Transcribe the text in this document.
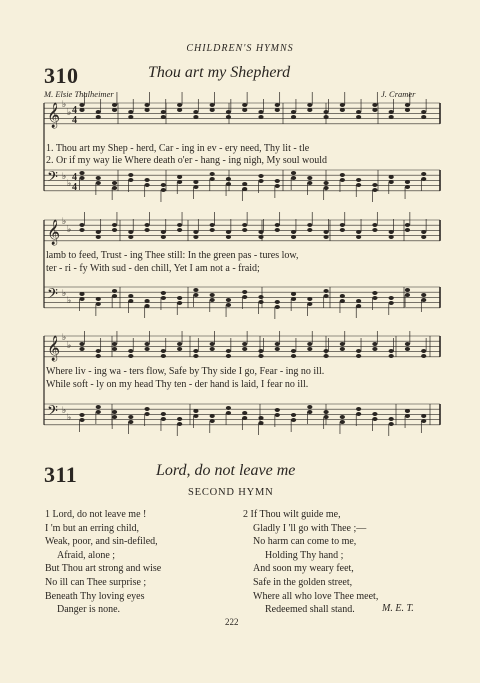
CHILDREN'S HYMNS
310	Thou art my Shepherd
M. Elsie Thalheimer	J. Cramer
𝄞
𝄢
♭
♭
♭
♭
𝄞
𝄢
♭
♭
♭
♭
𝄞
𝄢
♭
♭
♭
♭
4
4
4
4
1. Thou art my Shep - herd, Car - ing in ev - ery need, Thy lit - tle
2. Or if my way lie Where death o'er - hang - ing nigh, My soul would
lamb to feed, Trust - ing Thee still: In the green pas - tures low,
ter - ri - fy With sud - den chill, Yet I am not a - fraid;
Where liv - ing wa - ters flow, Safe by Thy side I go, Fear - ing no ill.
While soft - ly on my head Thy ten - der hand is laid, I fear no ill.
311	Lord, do not leave me
SECOND HYMN
1 Lord, do not leave me !
I 'm but an erring child,
Weak, poor, and sin-defiled,
Afraid, alone ;
But Thou art strong and wise
No ill can Thee surprise ;
Beneath Thy loving eyes
Danger is none.
2 If Thou wilt guide me,
Gladly I 'll go with Thee ;—
No harm can come to me,
Holding Thy hand ;
And soon my weary feet,
Safe in the golden street,
Where all who love Thee meet,
Redeemed shall stand.	M. E. T.
222
